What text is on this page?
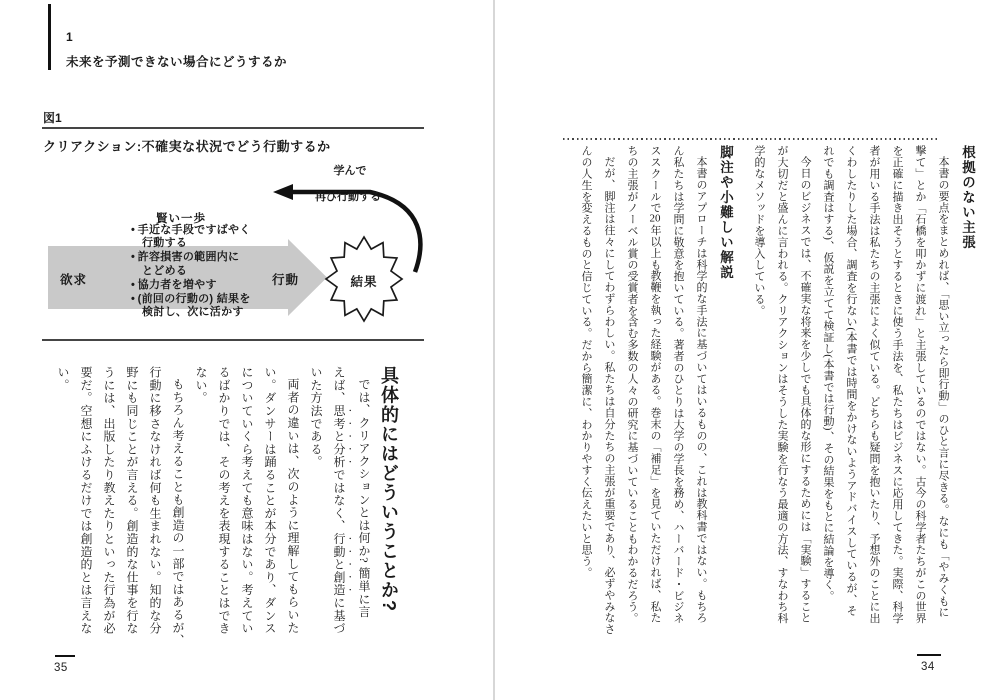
1
未来を予測できない場合にどうするか
図1
クリアクション:不確実な状況でどう行動するか
欲求	行動	結果
学んで
再び行動する
賢い一歩
• 手近な手段ですばやく
行動する
• 許容損害の範囲内に
とどめる
• 協力者を増やす
• (前回の行動の) 結果を
検討し、次に活かす

具体的にはどういうことか?

では、クリアクションとは何か? 簡単に言

えば、思考と分析ではなく、行動と創造に基づ

いた方法である。

両者の違いは、次のように理解してもらいた

い。ダンサーは踊ることが本分であり、ダンス

についていくら考えても意味はない。考えてい

るばかりでは、その考えを表現することはでき

ない。

もちろん考えることも創造の一部ではあるが、

行動に移さなければ何も生まれない。知的な分

野にも同じことが言える。創造的な仕事を行な

うには、出版したり教えたりといった行為が必

要だ。空想にふけるだけでは創造的とは言えな

い。

35

根拠のない主張

本書の要点をまとめれば、「思い立ったら即行動」のひと言に尽きる。なにも「やみくもに

撃て」とか「石橋を叩かずに渡れ」と主張しているのではない。古今の科学者たちがこの世界

を正確に描き出そうとするときに使う手法を、私たちはビジネスに応用してきた。実際、科学

者が用いる手法は私たちの主張によく似ている。どちらも疑問を抱いたり、予想外のことに出

くわしたりした場合、調査を行ない(本書では時間をかけないようアドバイスしているが、そ

れでも調査はする)、仮説を立てて検証し(本書では行動)、その結果をもとに結論を導く。

今日のビジネスでは、不確実な将来を少しでも具体的な形にするためには「実験」すること

が大切だと盛んに言われる。クリアクションはそうした実験を行なう最適の方法、すなわち科

学的なメソッドを導入している。

脚注や小難しい解説

本書のアプローチは科学的な手法に基づいてはいるものの、これは教科書ではない。もちろ

ん私たちは学問に敬意を抱いている。著者のひとりは大学の学長を務め、ハーバード・ビジネ

ススクールで20年以上も教鞭を執った経験がある。巻末の「補足」を見ていただければ、私た

ちの主張がノーベル賞の受賞者を含む多数の人々の研究に基づいていることもわかるだろう。

だが、脚注は往々にしてわずらわしい。私たちは自分たちの主張が重要であり、必ずやみなさ

んの人生を変えるものと信じている。だから簡潔に、わかりやすく伝えたいと思う。

34
